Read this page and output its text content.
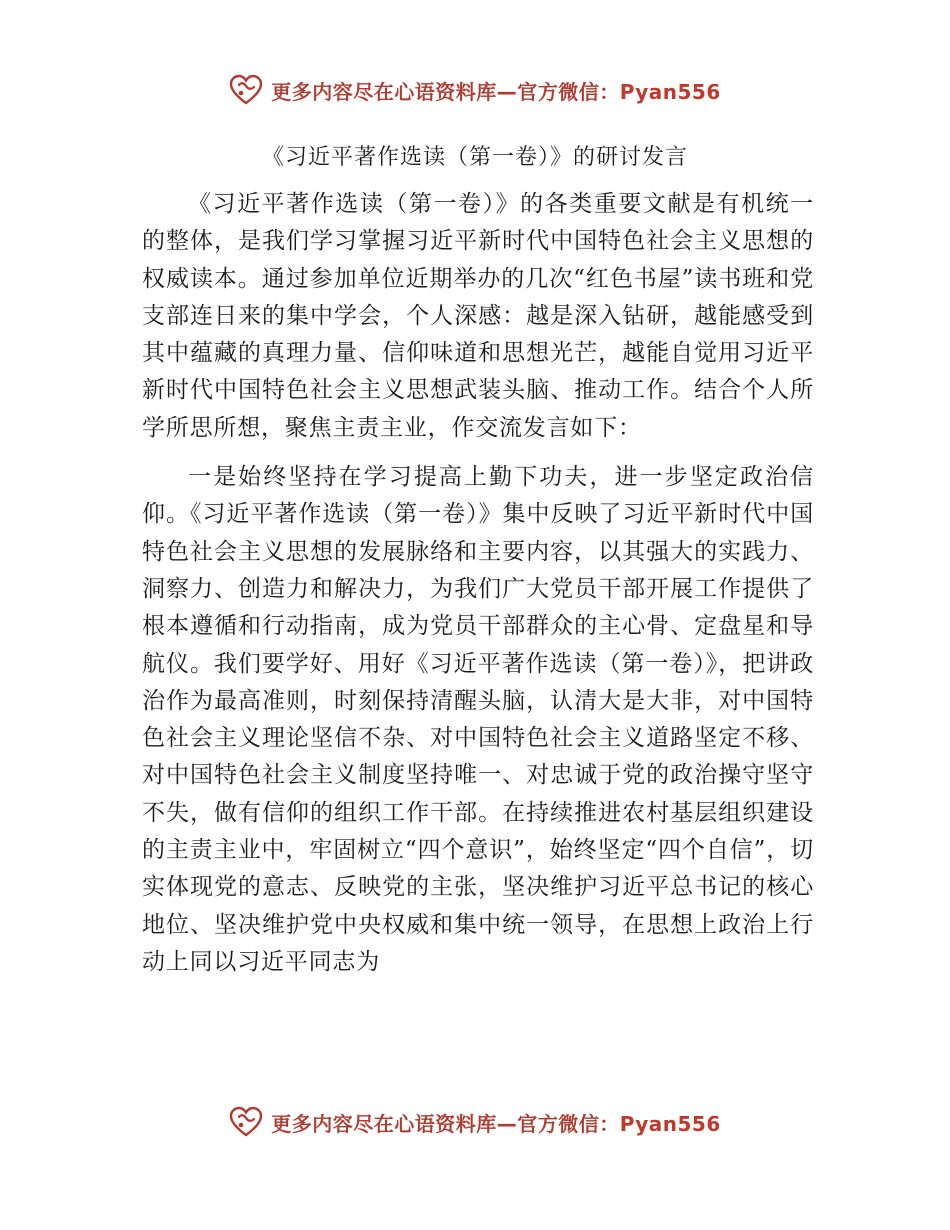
更多内容尽在心语资料库—官方微信：Pyan556
《习近平著作选读（第一卷）》的研讨发言

《习近平著作选读（第一卷）》的各类重要文献是有机统一的整体，是我们学习掌握习近平新时代中国特色社会主义思想的权威读本。通过参加单位近期举办的几次“红色书屋”读书班和党支部连日来的集中学会，个人深感：越是深入钻研，越能感受到其中蕴藏的真理力量、信仰味道和思想光芒，越能自觉用习近平新时代中国特色社会主义思想武装头脑、推动工作。结合个人所学所思所想，聚焦主责主业，作交流发言如下：

一是始终坚持在学习提高上勤下功夫，进一步坚定政治信仰。《习近平著作选读（第一卷）》集中反映了习近平新时代中国特色社会主义思想的发展脉络和主要内容，以其强大的实践力、洞察力、创造力和解决力，为我们广大党员干部开展工作提供了根本遵循和行动指南，成为党员干部群众的主心骨、定盘星和导航仪。我们要学好、用好《习近平著作选读（第一卷）》，把讲政治作为最高准则，时刻保持清醒头脑，认清大是大非，对中国特色社会主义理论坚信不杂、对中国特色社会主义道路坚定不移、对中国特色社会主义制度坚持唯一、对忠诚于党的政治操守坚守不失，做有信仰的组织工作干部。在持续推进农村基层组织建设的主责主业中，牢固树立“四个意识”，始终坚定“四个自信”，切实体现党的意志、反映党的主张，坚决维护习近平总书记的核心地位、坚决维护党中央权威和集中统一领导，在思想上政治上行动上同以习近平同志为

更多内容尽在心语资料库—官方微信：Pyan556
